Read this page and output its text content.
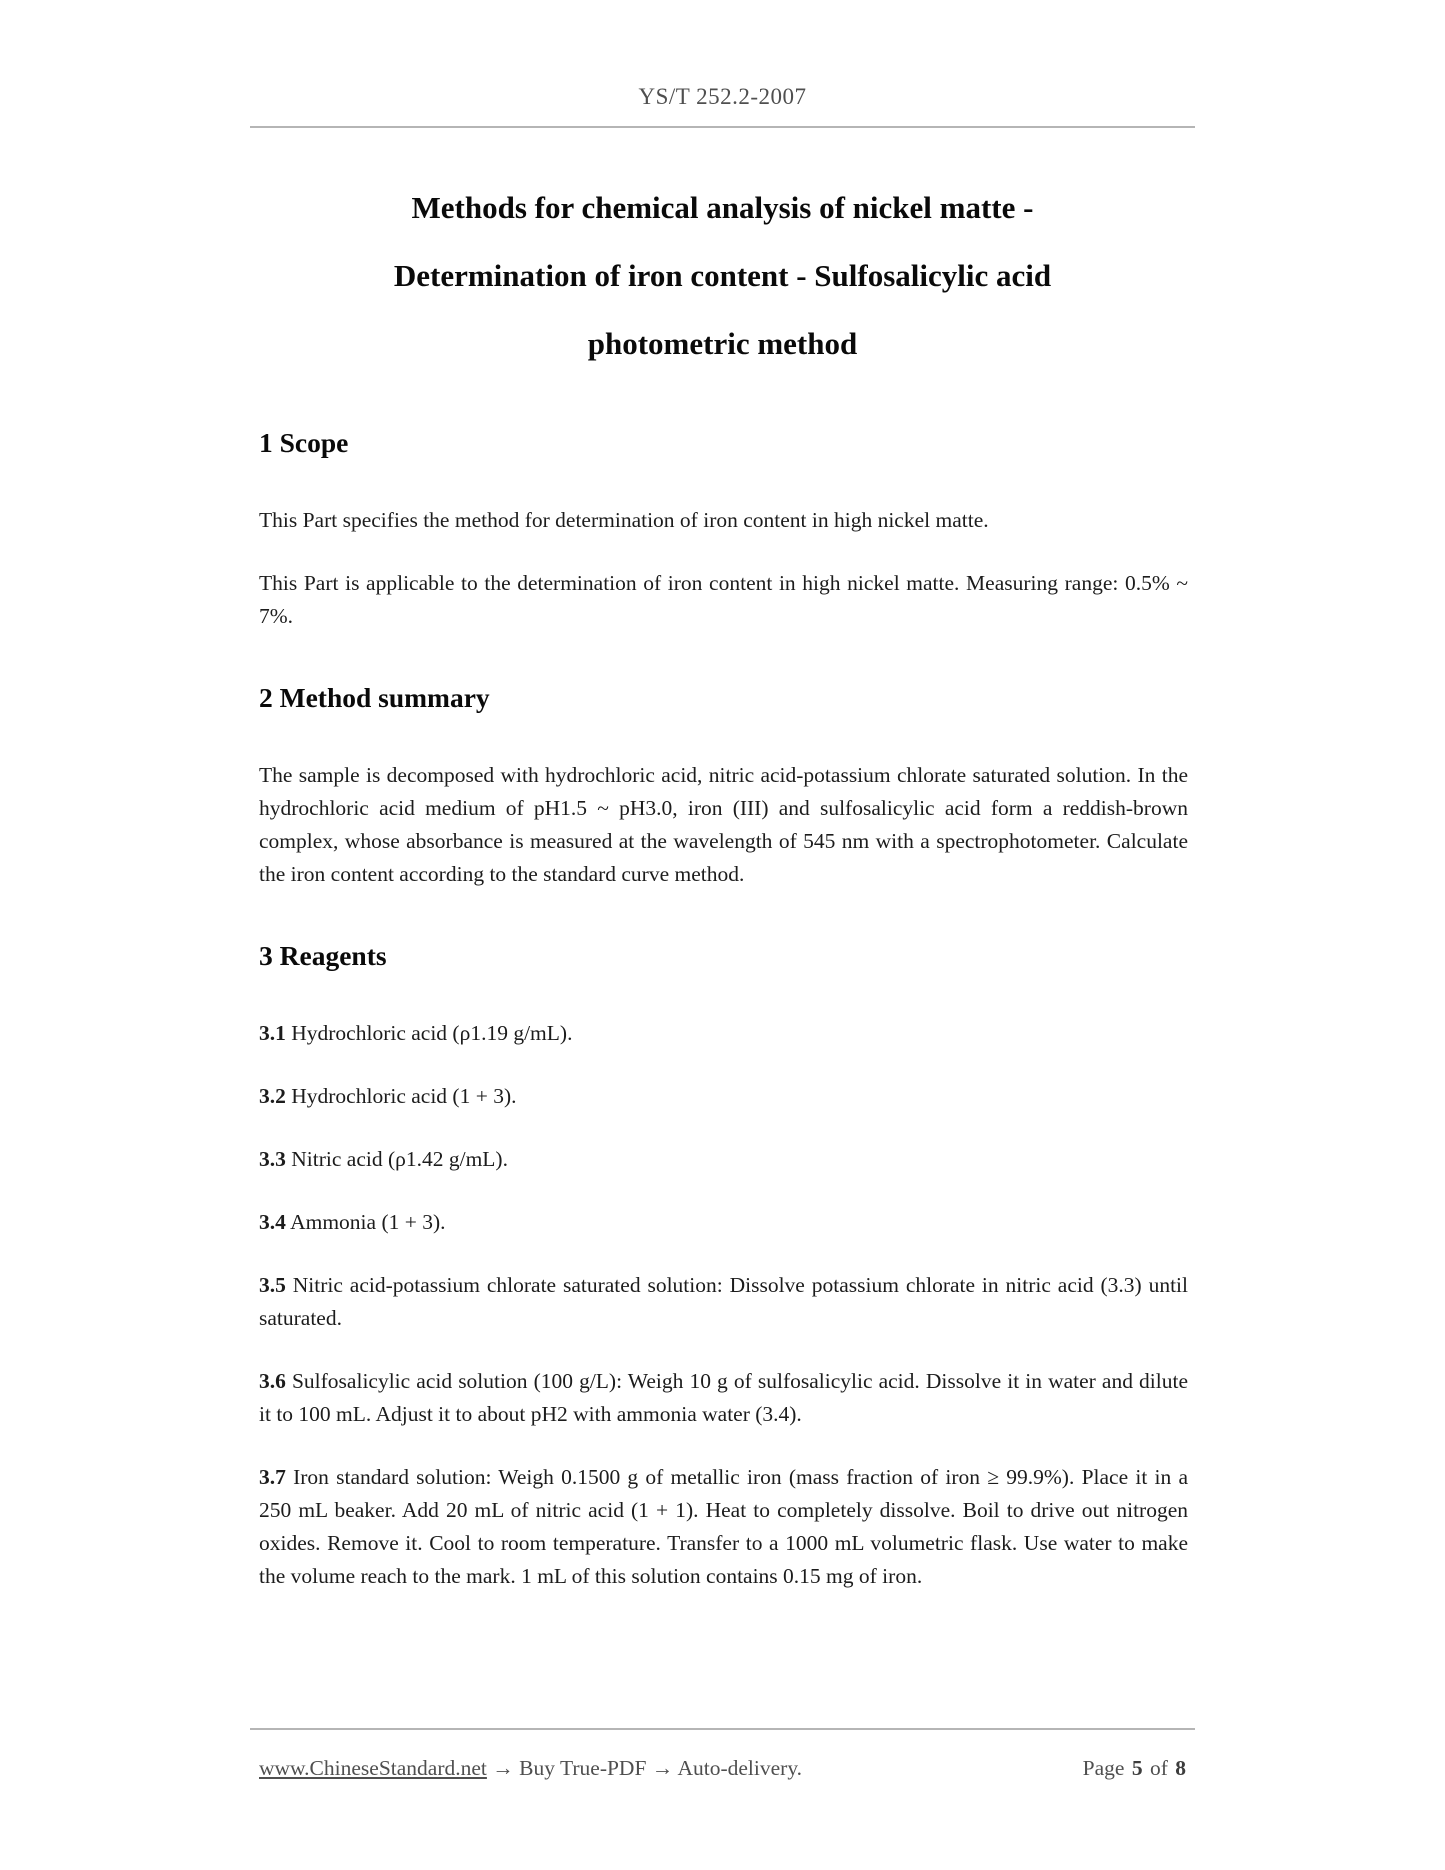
YS/T 252.2-2007
Methods for chemical analysis of nickel matte -
Determination of iron content - Sulfosalicylic acid
photometric method
1 Scope

This Part specifies the method for determination of iron content in high nickel matte.

This Part is applicable to the determination of iron content in high nickel matte. Measuring range: 0.5% ~ 7%.

2 Method summary

The sample is decomposed with hydrochloric acid, nitric acid-potassium chlorate saturated solution. In the hydrochloric acid medium of pH1.5 ~ pH3.0, iron (III) and sulfosalicylic acid form a reddish-brown complex, whose absorbance is measured at the wavelength of 545 nm with a spectrophotometer. Calculate the iron content according to the standard curve method.

3 Reagents

3.1 Hydrochloric acid (ρ1.19 g/mL).

3.2 Hydrochloric acid (1 + 3).

3.3 Nitric acid (ρ1.42 g/mL).

3.4 Ammonia (1 + 3).

3.5 Nitric acid-potassium chlorate saturated solution: Dissolve potassium chlorate in nitric acid (3.3) until saturated.

3.6 Sulfosalicylic acid solution (100 g/L): Weigh 10 g of sulfosalicylic acid. Dissolve it in water and dilute it to 100 mL. Adjust it to about pH2 with ammonia water (3.4).

3.7 Iron standard solution: Weigh 0.1500 g of metallic iron (mass fraction of iron ≥ 99.9%). Place it in a 250 mL beaker. Add 20 mL of nitric acid (1 + 1). Heat to completely dissolve. Boil to drive out nitrogen oxides. Remove it. Cool to room temperature. Transfer to a 1000 mL volumetric flask. Use water to make the volume reach to the mark. 1 mL of this solution contains 0.15 mg of iron.

www.ChineseStandard.net → Buy True-PDF → Auto-delivery.	Page 5 of 8
